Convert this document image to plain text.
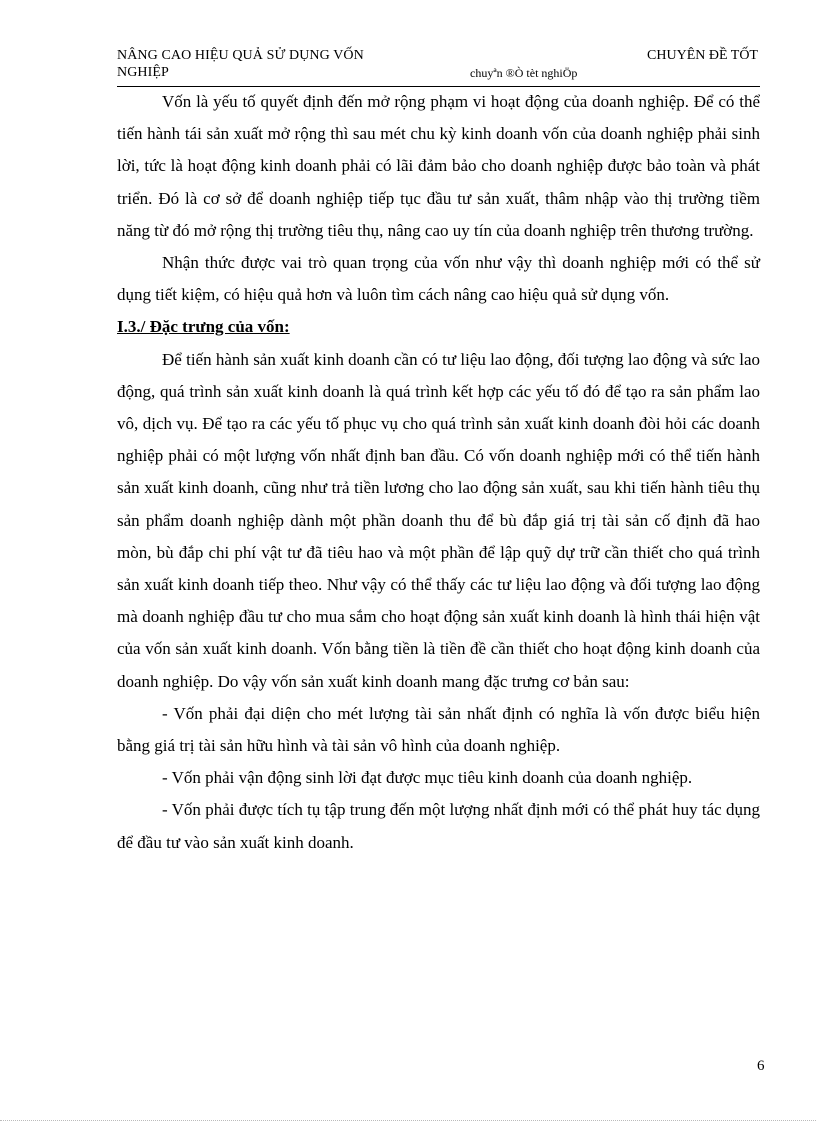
NÂNG CAO HIỆU QUẢ SỬ DỤNG VỐN
NGHIỆP
CHUYÊN ĐỀ TỐT
chuyªn ®Ò tèt nghiÖp

Vốn là yếu tố quyết định đến mở rộng phạm vi hoạt động của doanh nghiệp. Để có thể tiến hành tái sản xuất mở rộng thì sau mét chu kỳ kinh doanh vốn của doanh nghiệp phải sinh lời, tức là hoạt động kinh doanh phải có lãi đảm bảo cho doanh nghiệp được bảo toàn và phát triển. Đó là cơ sở để doanh nghiệp tiếp tục đầu tư sản xuất, thâm nhập vào thị trường tiềm năng từ đó mở rộng thị trường tiêu thụ, nâng cao uy tín của doanh nghiệp trên thương trường.

Nhận thức được vai trò quan trọng của vốn như vậy thì doanh nghiệp mới có thể sử dụng tiết kiệm, có hiệu quả hơn và luôn tìm cách nâng cao hiệu quả sử dụng vốn.

I.3./ Đặc trưng của vốn:

Để tiến hành sản xuất kinh doanh cần có tư liệu lao động, đối tượng lao động và sức lao động, quá trình sản xuất kinh doanh là quá trình kết hợp các yếu tố đó để tạo ra sản phẩm lao vô, dịch vụ. Để tạo ra các yếu tố phục vụ cho quá trình sản xuất kinh doanh đòi hỏi các doanh nghiệp phải có một lượng vốn nhất định ban đầu. Có vốn doanh nghiệp mới có thể tiến hành sản xuất kinh doanh, cũng như trả tiền lương cho lao động sản xuất, sau khi tiến hành tiêu thụ sản phẩm doanh nghiệp dành một phần doanh thu để bù đắp giá trị tài sản cố định đã hao mòn, bù đắp chi phí vật tư đã tiêu hao và một phần để lập quỹ dự trữ cần thiết cho quá trình sản xuất kinh doanh tiếp theo. Như vậy có thể thấy các tư liệu lao động và đối tượng lao động mà doanh nghiệp đầu tư cho mua sắm cho hoạt động sản xuất kinh doanh là hình thái hiện vật của vốn sản xuất kinh doanh. Vốn bằng tiền là tiền đề cần thiết cho hoạt động kinh doanh của doanh nghiệp. Do vậy vốn sản xuất kinh doanh mang đặc trưng cơ bản sau:

- Vốn phải đại diện cho mét lượng tài sản nhất định có nghĩa là vốn được biểu hiện bằng giá trị tài sản hữu hình và tài sản vô hình của doanh nghiệp.

- Vốn phải vận động sinh lời đạt được mục tiêu kinh doanh của doanh nghiệp.

- Vốn phải được tích tụ tập trung đến một lượng nhất định mới có thể phát huy tác dụng để đầu tư vào sản xuất kinh doanh.

6
